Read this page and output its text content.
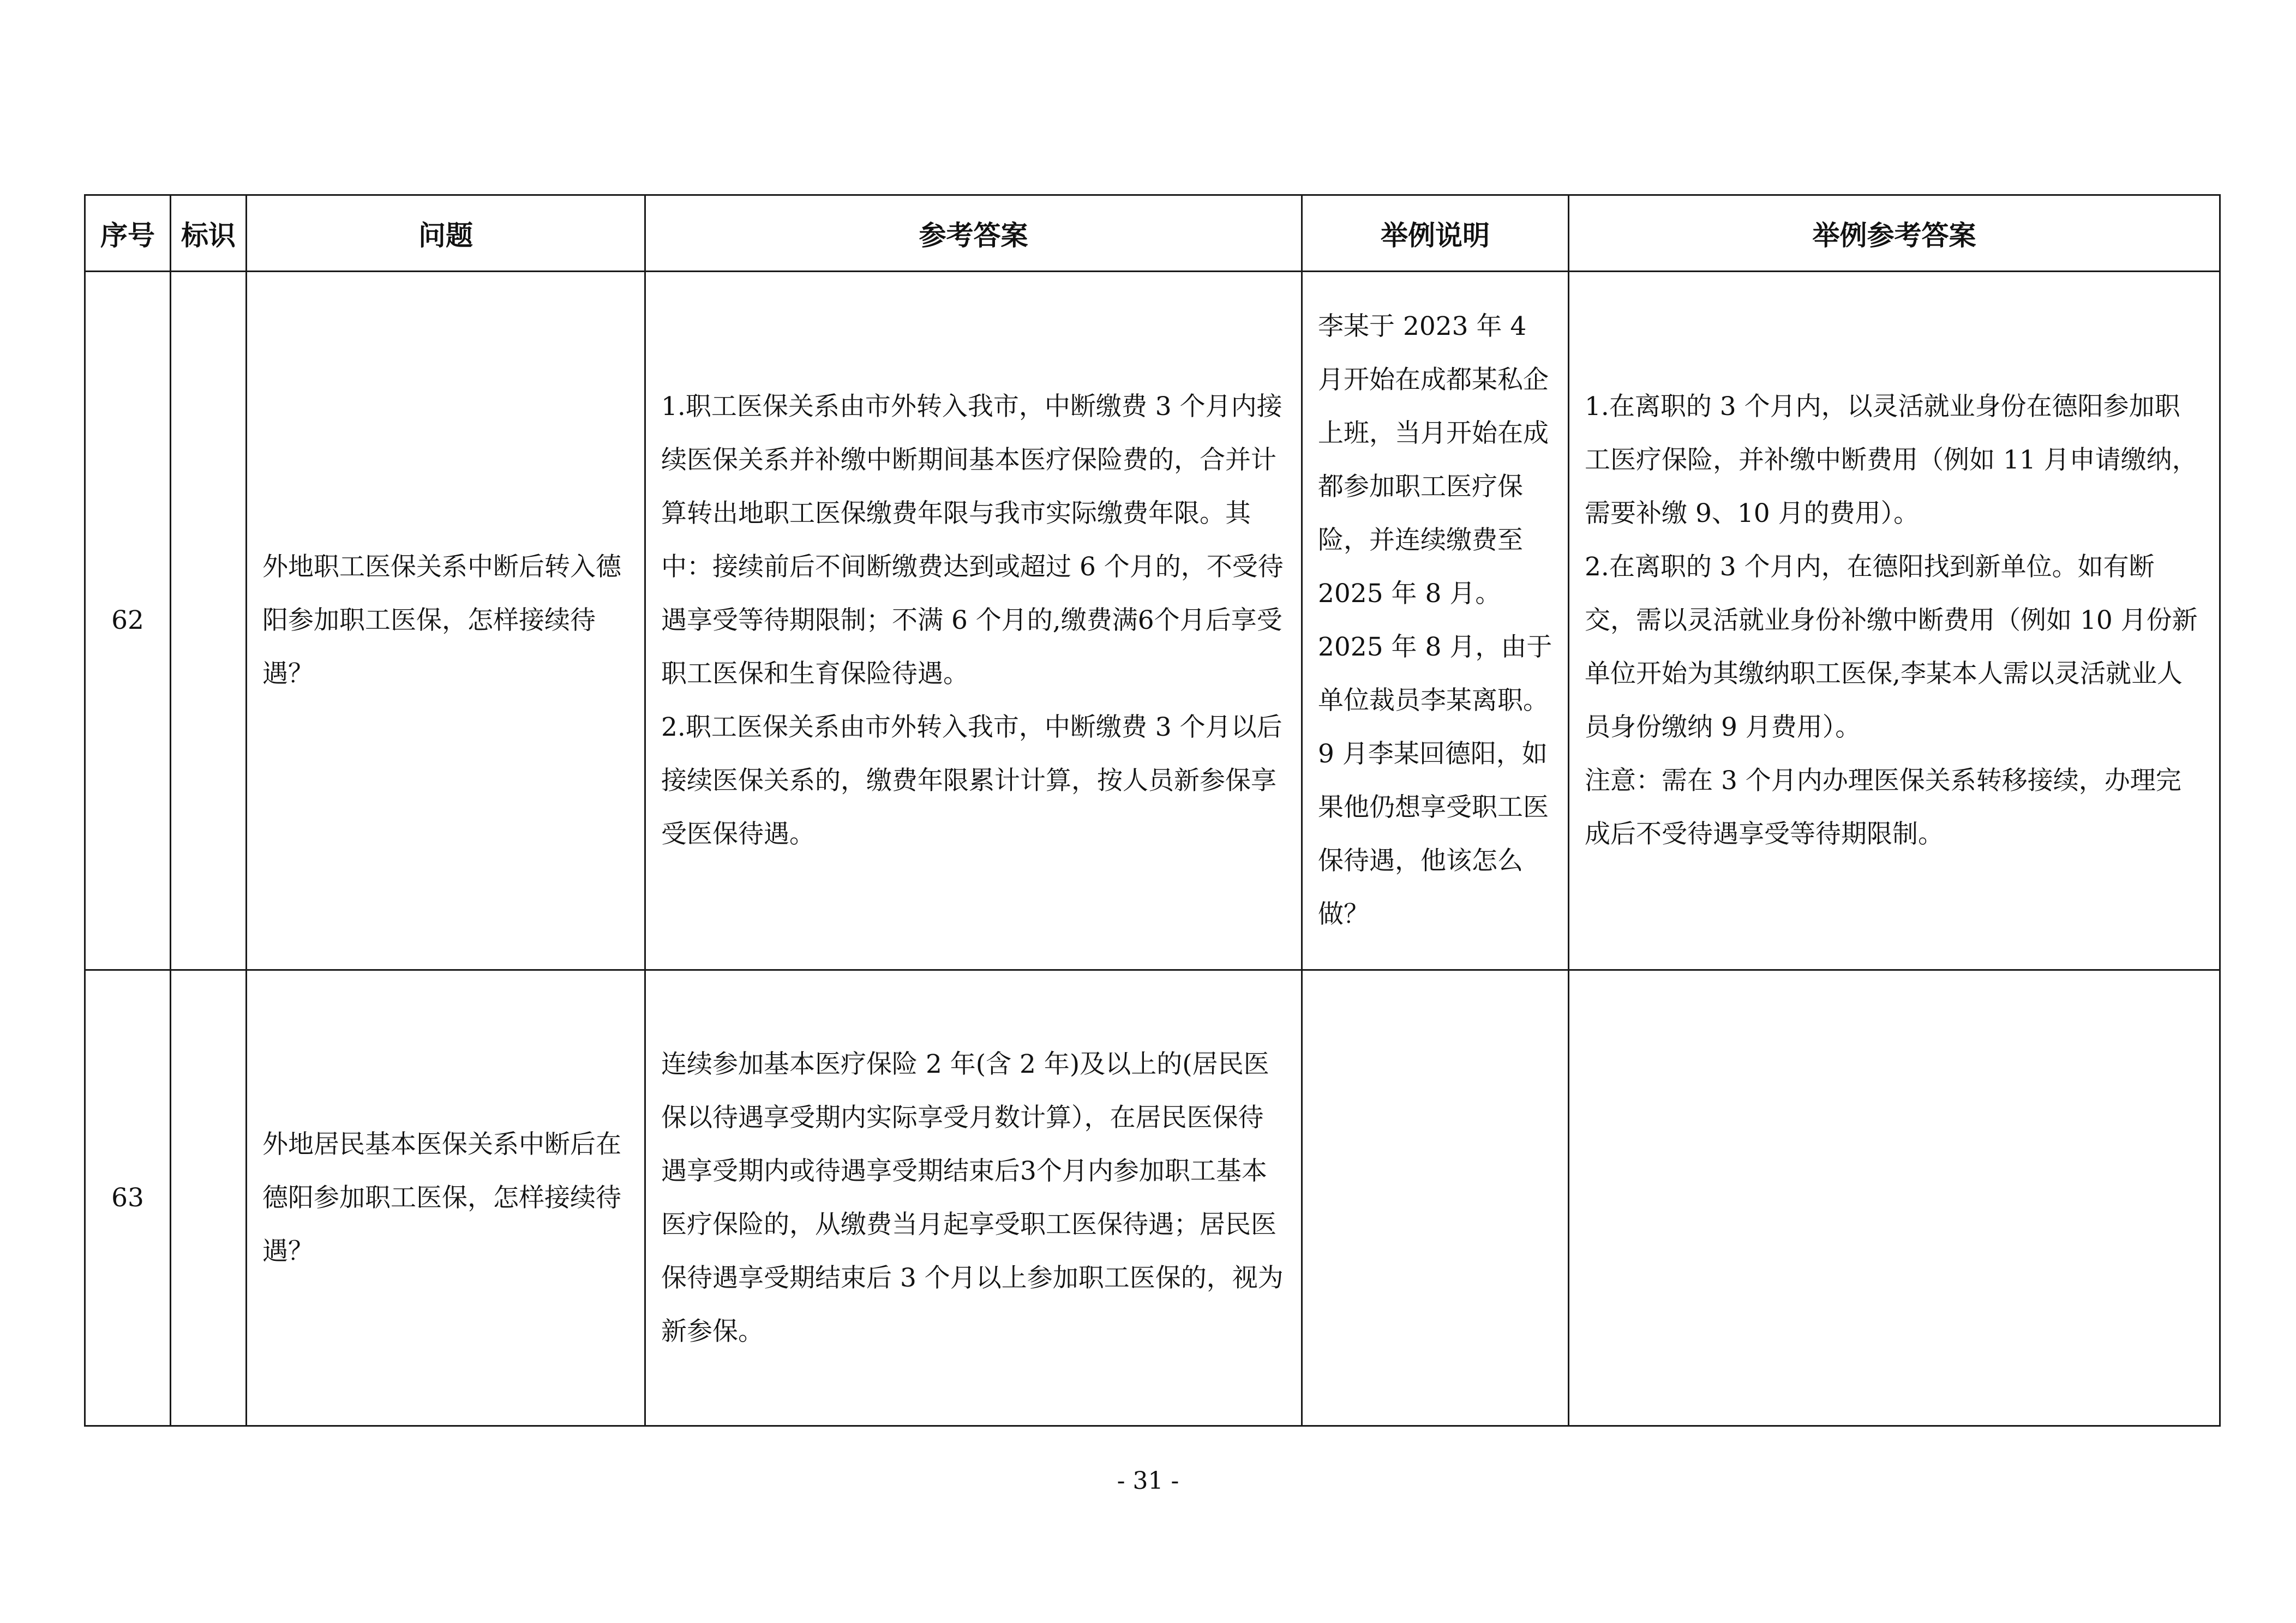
序号	标识	问题	参考答案	举例说明	举例参考答案
62		外地职工医保关系中断后转入德阳参加职工医保，怎样接续待遇？	1.职工医保关系由市外转入我市，中断缴费 3 个月内接续医保关系并补缴中断期间基本医疗保险费的，合并计算转出地职工医保缴费年限与我市实际缴费年限。其中：接续前后不间断缴费达到或超过 6 个月的，不受待遇享受等待期限制；不满 6 个月的,缴费满6个月后享受职工医保和生育保险待遇。
2.职工医保关系由市外转入我市，中断缴费 3 个月以后接续医保关系的，缴费年限累计计算，按人员新参保享受医保待遇。	李某于 2023 年 4 月开始在成都某私企上班，当月开始在成都参加职工医疗保险，并连续缴费至 2025 年 8 月。2025 年 8 月，由于单位裁员李某离职。9 月李某回德阳，如果他仍想享受职工医保待遇，他该怎么做？	1.在离职的 3 个月内，以灵活就业身份在德阳参加职工医疗保险，并补缴中断费用（例如 11 月申请缴纳，需要补缴 9、10 月的费用）。
2.在离职的 3 个月内，在德阳找到新单位。如有断交，需以灵活就业身份补缴中断费用（例如 10 月份新单位开始为其缴纳职工医保,李某本人需以灵活就业人员身份缴纳 9 月费用）。
注意：需在 3 个月内办理医保关系转移接续，办理完成后不受待遇享受等待期限制。

63		外地居民基本医保关系中断后在德阳参加职工医保，怎样接续待遇？	连续参加基本医疗保险 2 年(含 2 年)及以上的(居民医保以待遇享受期内实际享受月数计算），在居民医保待遇享受期内或待遇享受期结束后3个月内参加职工基本医疗保险的，从缴费当月起享受职工医保待遇；居民医保待遇享受期结束后 3 个月以上参加职工医保的，视为新参保。		

- 31 -
